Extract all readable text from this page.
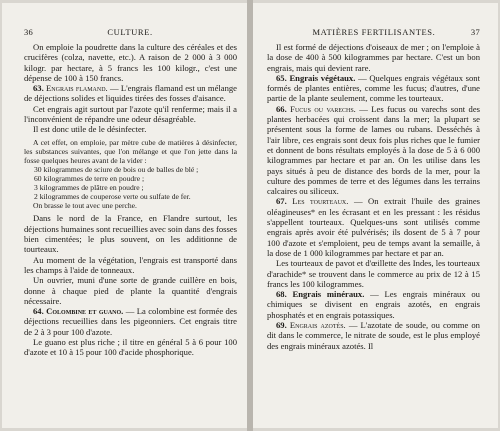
36	CULTURE.

On emploie la poudrette dans la culture des céréales et des crucifères (colza, navette, etc.). A raison de 2 000 à 3 000 kilogr. par hectare, à 5 francs les 100 kilogr., c'est une dépense de 100 à 150 francs.

63. Engrais flamand. — L'engrais flamand est un mélange de déjections solides et liquides tirées des fosses d'aisance.

Cet engrais agit surtout par l'azote qu'il renferme; mais il a l'inconvénient de répandre une odeur désagréable.

Il est donc utile de le désinfecter.

A cet effet, on emploie, par mètre cube de matières à désinfecter, les substances suivantes, que l'on mélange et que l'on jette dans la fosse quelques heures avant de la vider :

30 kilogrammes de sciure de bois ou de balles de blé ;
60 kilogrammes de terre en poudre ;
3 kilogrammes de plâtre en poudre ;
2 kilogrammes de couperose verte ou sulfate de fer.

On brasse le tout avec une perche.

Dans le nord de la France, en Flandre surtout, les déjections humaines sont recueillies avec soin dans des fosses bien cimentées; le plus souvent, on les additionne de tourteaux.

Au moment de la végétation, l'engrais est transporté dans les champs à l'aide de tonneaux.

Un ouvrier, muni d'une sorte de grande cuillère en bois, donne à chaque pied de plante la quantité d'engrais nécessaire.

64. Colombine et guano. — La colombine est formée des déjections recueillies dans les pigeonniers. Cet engrais titre de 2 à 3 pour 100 d'azote.

Le guano est plus riche ; il titre en général 5 à 6 pour 100 d'azote et 10 à 15 pour 100 d'acide phosphorique.

MATIÈRES FERTILISANTES.	37

Il est formé de déjections d'oiseaux de mer ; on l'emploie à la dose de 400 à 500 kilogrammes par hectare. C'est un bon engrais, mais qui devient rare.

65. Engrais végétaux. — Quelques engrais végétaux sont formés de plantes entières, comme les fucus; d'autres, d'une partie de la plante seulement, comme les tourteaux.

66. Fucus ou varechs. — Les fucus ou varechs sont des plantes herbacées qui croissent dans la mer; la plupart se présentent sous la forme de lames ou rubans. Desséchés à l'air libre, ces engrais sont deux fois plus riches que le fumier et donnent de bons résultats employés à la dose de 5 à 6 000 kilogrammes par hectare et par an. On les utilise dans les pays situés à peu de distance des bords de la mer, pour la culture des pommes de terre et des légumes dans les terrains calcaires ou siliceux.

67. Les tourteaux. — On extrait l'huile des graines oléagineuses* en les écrasant et en les pressant : les résidus s'appellent tourteaux. Quelques-uns sont utilisés comme engrais après avoir été pulvérisés; ils dosent de 5 à 7 pour 100 d'azote et s'emploient, peu de temps avant la semaille, à la dose de 1 000 kilogrammes par hectare et par an.

Les tourteaux de pavot et d'œillette des Indes, les tourteaux d'arachide* se trouvent dans le commerce au prix de 12 à 15 francs les 100 kilogrammes.

68. Engrais minéraux. — Les engrais minéraux ou chimiques se divisent en engrais azotés, en engrais phosphatés et en engrais potassiques.

69. Engrais azotés. — L'azotate de soude, ou comme on dit dans le commerce, le nitrate de soude, est le plus employé des engrais minéraux azotés. Il
